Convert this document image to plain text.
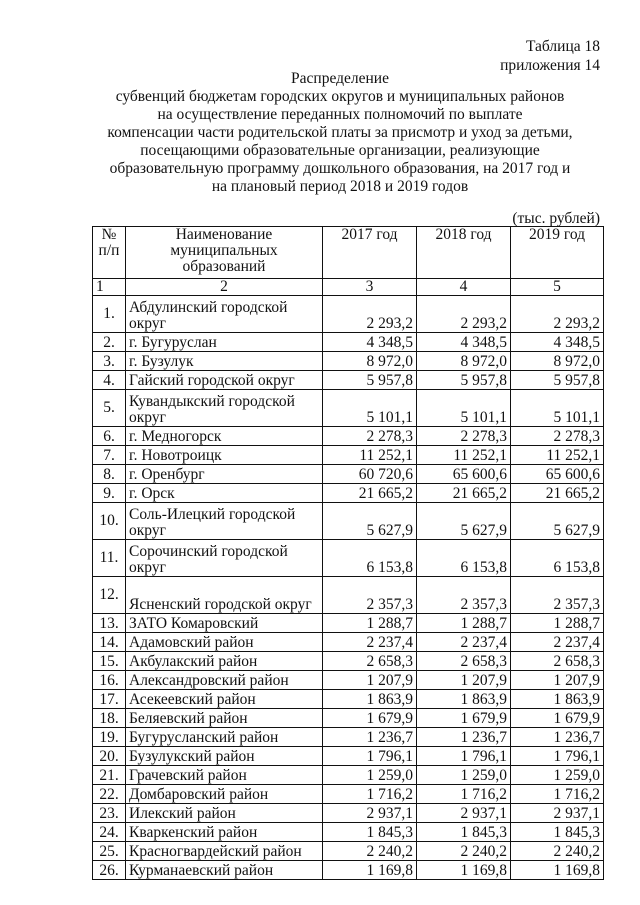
Таблица 18
приложения 14
Распределение
субвенций бюджетам городских округов и муниципальных районов
на осуществление переданных полномочий по выплате
компенсации части родительской платы за присмотр и уход за детьми,
посещающими образовательные организации, реализующие
образовательную программу дошкольного образования, на 2017 год и
на плановый период 2018 и 2019 годов
(тыс. рублей)
№ п/п	Наименование муниципальных образований	2017 год	2018 год	2019 год
1	2	3	4	5
1.	Абдулинский городской округ	2 293,2	2 293,2	2 293,2
2.	г. Бугуруслан	4 348,5	4 348,5	4 348,5
3.	г. Бузулук	8 972,0	8 972,0	8 972,0
4.	Гайский городской округ	5 957,8	5 957,8	5 957,8
5.	Кувандыкский городской округ	5 101,1	5 101,1	5 101,1
6.	г. Медногорск	2 278,3	2 278,3	2 278,3
7.	г. Новотроицк	11 252,1	11 252,1	11 252,1
8.	г. Оренбург	60 720,6	65 600,6	65 600,6
9.	г. Орск	21 665,2	21 665,2	21 665,2
10.	Соль-Илецкий городской округ	5 627,9	5 627,9	5 627,9
11.	Сорочинский городской округ	6 153,8	6 153,8	6 153,8
12.	Ясненский городской округ	2 357,3	2 357,3	2 357,3
13.	ЗАТО Комаровский	1 288,7	1 288,7	1 288,7
14.	Адамовский район	2 237,4	2 237,4	2 237,4
15.	Акбулакский район	2 658,3	2 658,3	2 658,3
16.	Александровский район	1 207,9	1 207,9	1 207,9
17.	Асекеевский район	1 863,9	1 863,9	1 863,9
18.	Беляевский район	1 679,9	1 679,9	1 679,9
19.	Бугурусланский район	1 236,7	1 236,7	1 236,7
20.	Бузулукский район	1 796,1	1 796,1	1 796,1
21.	Грачевский район	1 259,0	1 259,0	1 259,0
22.	Домбаровский район	1 716,2	1 716,2	1 716,2
23.	Илекский район	2 937,1	2 937,1	2 937,1
24.	Кваркенский район	1 845,3	1 845,3	1 845,3
25.	Красногвардейский район	2 240,2	2 240,2	2 240,2
26.	Курманаевский район	1 169,8	1 169,8	1 169,8
